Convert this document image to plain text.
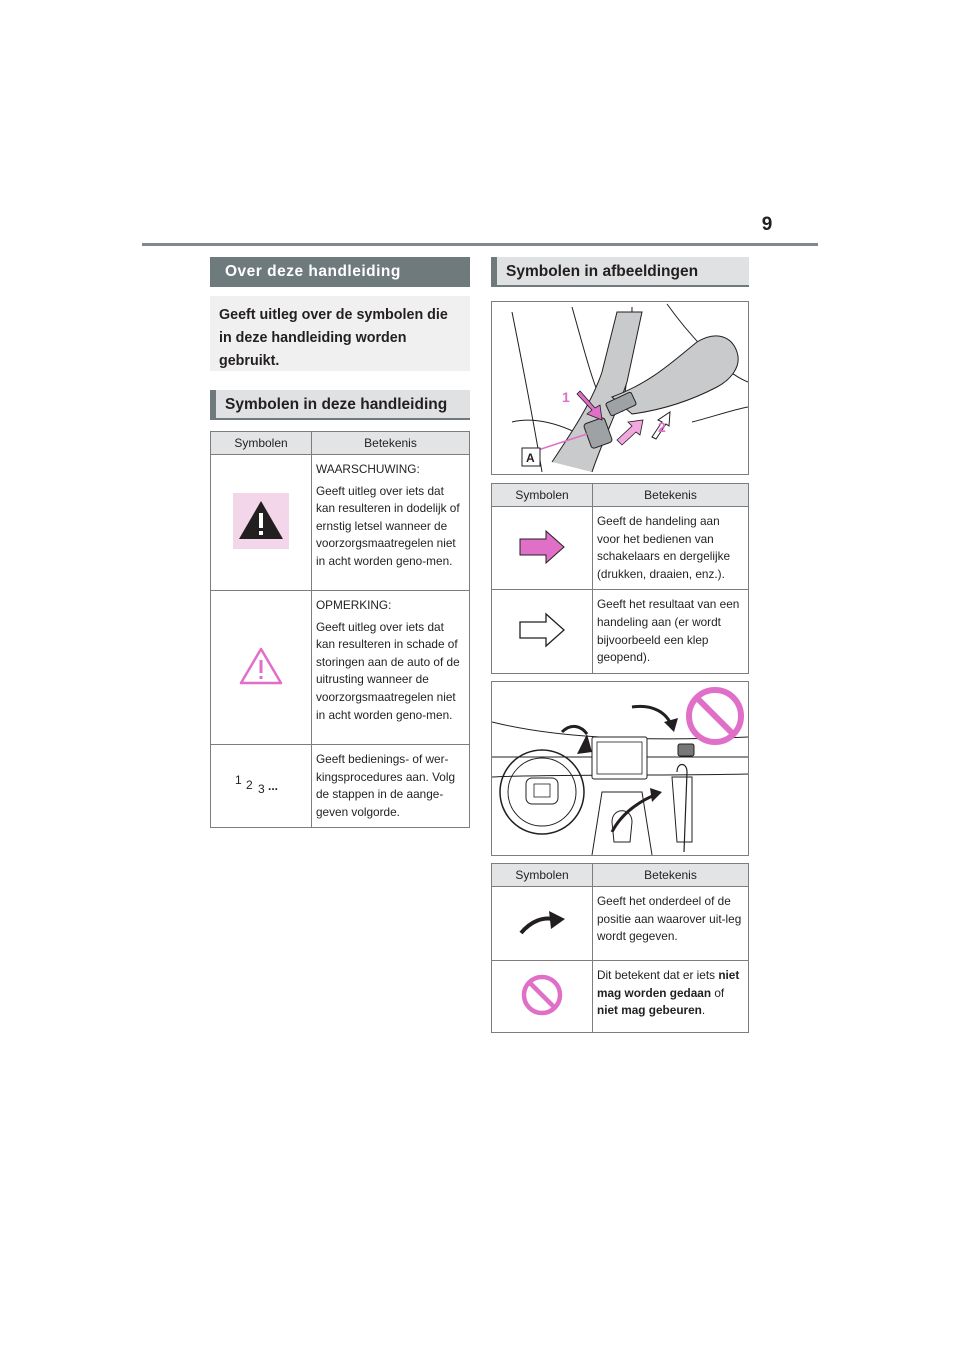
9
Over deze handleiding
Geeft uitleg over de symbolen die in deze handleiding worden gebruikt.
Symbolen in deze handleiding
Symbolen	Betekenis

WAARSCHUWING:

Geeft uitleg over iets dat kan resulteren in dodelijk of ernstig letsel wanneer de voorzorgsmaatregelen niet in acht worden geno-men.

OPMERKING:

Geeft uitleg over iets dat kan resulteren in schade of storingen aan de auto of de uitrusting wanneer de voorzorgsmaatregelen niet in acht worden geno-men.

1 2 3 ...	Geeft bedienings- of wer-kingsprocedures aan. Volg de stappen in de aange-geven volgorde.

Symbolen in afbeeldingen
1
2
A
Symbolen	Betekenis

Geeft de handeling aan voor het bedienen van schakelaars en dergelijke (drukken, draaien, enz.).

Geeft het resultaat van een handeling aan (er wordt bijvoorbeeld een klep geopend).

Symbolen	Betekenis

Geeft het onderdeel of de positie aan waarover uit-leg wordt gegeven.

Dit betekent dat er iets niet mag worden gedaan of niet mag gebeuren.
